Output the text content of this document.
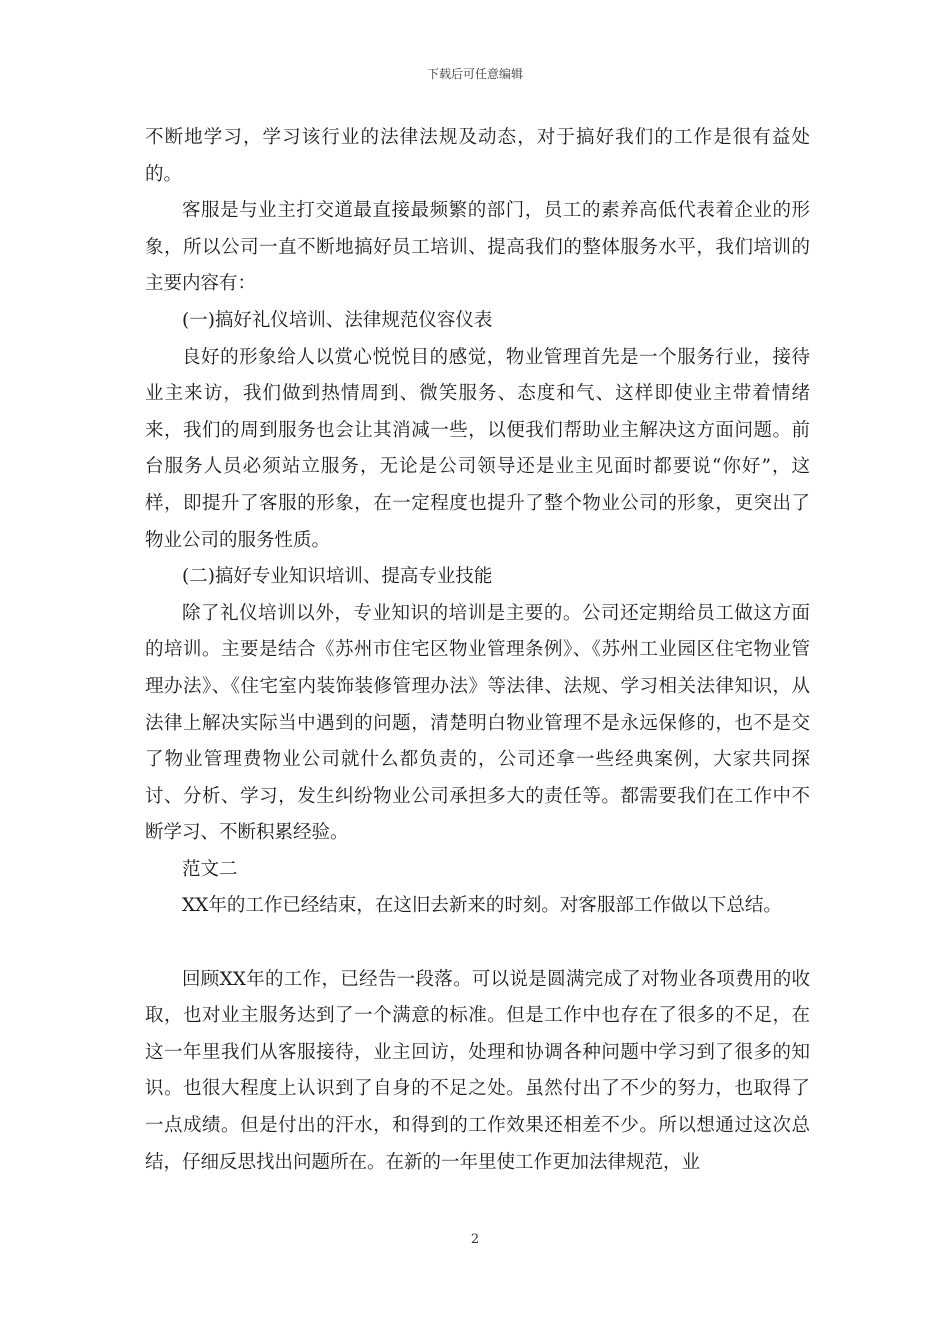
下载后可任意编辑

不断地学习，学习该行业的法律法规及动态，对于搞好我们的工作是很有益处的。

客服是与业主打交道最直接最频繁的部门，员工的素养高低代表着企业的形象，所以公司一直不断地搞好员工培训、提高我们的整体服务水平，我们培训的主要内容有：

(一)搞好礼仪培训、法律规范仪容仪表

良好的形象给人以赏心悦悦目的感觉，物业管理首先是一个服务行业，接待业主来访，我们做到热情周到、微笑服务、态度和气、这样即使业主带着情绪来，我们的周到服务也会让其消减一些，以便我们帮助业主解决这方面问题。前台服务人员必须站立服务，无论是公司领导还是业主见面时都要说“你好”，这样，即提升了客服的形象，在一定程度也提升了整个物业公司的形象，更突出了物业公司的服务性质。

(二)搞好专业知识培训、提高专业技能

除了礼仪培训以外，专业知识的培训是主要的。公司还定期给员工做这方面的培训。主要是结合《苏州市住宅区物业管理条例》、《苏州工业园区住宅物业管理办法》、《住宅室内装饰装修管理办法》等法律、法规、学习相关法律知识，从法律上解决实际当中遇到的问题，清楚明白物业管理不是永远保修的，也不是交了物业管理费物业公司就什么都负责的，公司还拿一些经典案例，大家共同探讨、分析、学习，发生纠纷物业公司承担多大的责任等。都需要我们在工作中不断学习、不断积累经验。

范文二

XX年的工作已经结束，在这旧去新来的时刻。对客服部工作做以下总结。

回顾XX年的工作，已经告一段落。可以说是圆满完成了对物业各项费用的收取，也对业主服务达到了一个满意的标准。但是工作中也存在了很多的不足，在这一年里我们从客服接待，业主回访，处理和协调各种问题中学习到了很多的知识。也很大程度上认识到了自身的不足之处。虽然付出了不少的努力，也取得了一点成绩。但是付出的汗水，和得到的工作效果还相差不少。所以想通过这次总结，仔细反思找出问题所在。在新的一年里使工作更加法律规范，业

2
